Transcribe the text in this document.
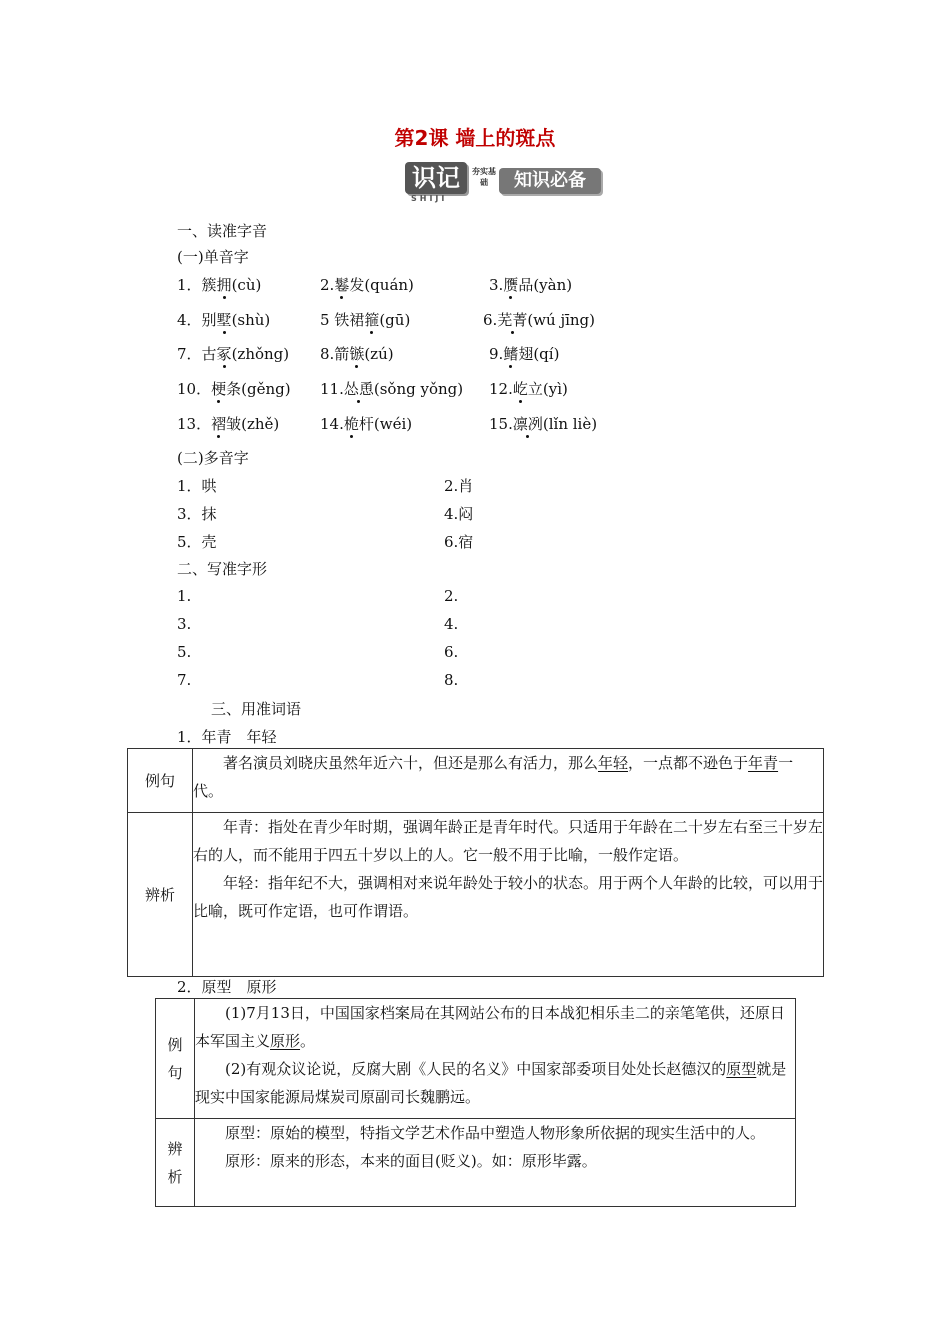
第2课 墙上的斑点
识记
SHIJI
夯实基础	知识必备
一、读准字音
(一)单音字
1．簇拥(cù)	2.鬈发(quán)	3.赝品(yàn)
4．别墅(shù)	5 铁裙箍(gū)	6.芜菁(wú jīng)
7．古冢(zhǒng) 8.箭镞(zú)	9.鳍翅(qí)
10．梗条(gěng) 11.怂恿(sǒng yǒng) 12.屹立(yì)
13．褶皱(zhě)	14.桅杆(wéi)	15.凛冽(lǐn liè)
(二)多音字
1．哄	2.肖
3．抹	4.闷
5．壳	6.宿
二、写准字形
1.	2.
3.	4.
5.	6.
7.	8.
三、用准词语
1．年青　年轻
例句	著名演员刘晓庆虽然年近六十，但还是那么有活力，那么年轻，一点都不逊色于年青一代。

辨析	年青：指处在青少年时期，强调年龄正是青年时代。只适用于年龄在二十岁左右至三十岁左右的人，而不能用于四五十岁以上的人。它一般不用于比喻，一般作定语。

年轻：指年纪不大，强调相对来说年龄处于较小的状态。用于两个人年龄的比较，可以用于比喻，既可作定语，也可作谓语。

2．原型　原形
例句	(1)7月13日，中国国家档案局在其网站公布的日本战犯相乐圭二的亲笔笔供，还原日本军国主义原形。

(2)有观众议论说，反腐大剧《人民的名义》中国家部委项目处处长赵德汉的原型就是现实中国家能源局煤炭司原副司长魏鹏远。

辨析	原型：原始的模型，特指文学艺术作品中塑造人物形象所依据的现实生活中的人。

原形：原来的形态，本来的面目(贬义)。如：原形毕露。
